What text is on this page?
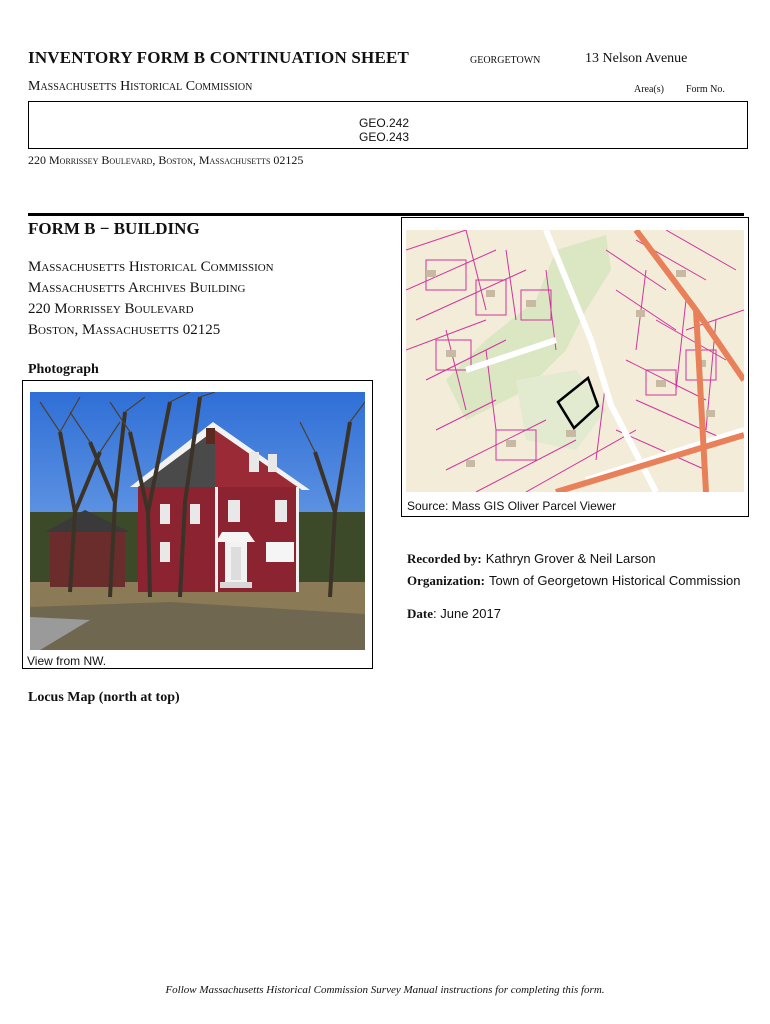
INVENTORY FORM B CONTINUATION SHEET	GEORGETOWN	13 Nelson Avenue
Massachusetts Historical Commission	Area(s) Form No.
GEO.242
GEO.243
220 Morrissey Boulevard, Boston, Massachusetts 02125
FORM B − BUILDING
Massachusetts Historical Commission
Massachusetts Archives Building
220 Morrissey Boulevard
Boston, Massachusetts 02125
Photograph
View from NW.
Source: Mass GIS Oliver Parcel Viewer
Recorded by: Kathryn Grover & Neil Larson
Organization: Town of Georgetown Historical Commission
Date: June 2017
Locus Map (north at top)
Follow Massachusetts Historical Commission Survey Manual instructions for completing this form.
